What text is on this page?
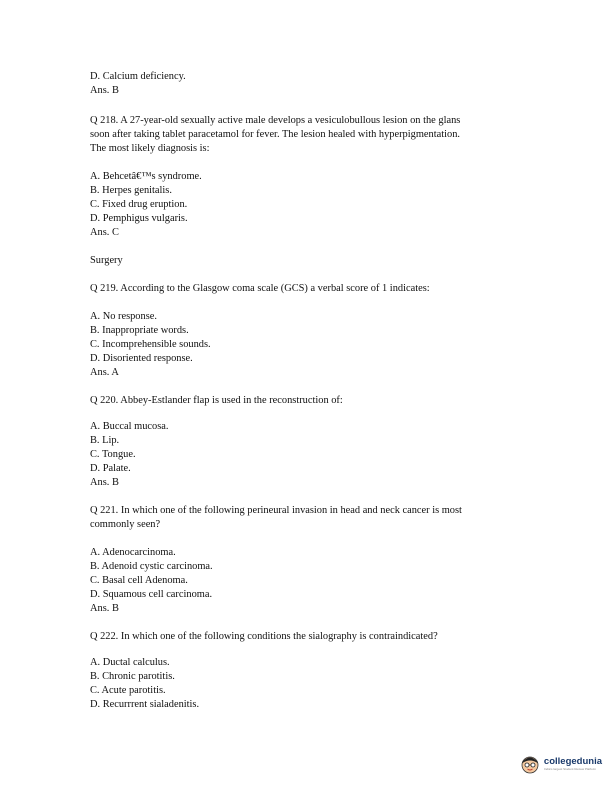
D. Calcium deficiency.
Ans. B
Q 218. A 27-year-old sexually active male develops a vesiculobullous lesion on the glans
soon after taking tablet paracetamol for fever. The lesion healed with hyperpigmentation.
The most likely diagnosis is:
A. Behcetâ€™s syndrome.
B. Herpes genitalis.
C. Fixed drug eruption.
D. Pemphigus vulgaris.
Ans. C
Surgery
Q 219. According to the Glasgow coma scale (GCS) a verbal score of 1 indicates:
A. No response.
B. Inappropriate words.
C. Incomprehensible sounds.
D. Disoriented response.
Ans. A
Q 220. Abbey-Estlander flap is used in the reconstruction of:
A. Buccal mucosa.
B. Lip.
C. Tongue.
D. Palate.
Ans. B
Q 221. In which one of the following perineural invasion in head and neck cancer is most
commonly seen?
A. Adenocarcinoma.
B. Adenoid cystic carcinoma.
C. Basal cell Adenoma.
D. Squamous cell carcinoma.
Ans. B
Q 222. In which one of the following conditions the sialography is contraindicated?
A. Ductal calculus.
B. Chronic parotitis.
C. Acute parotitis.
D. Recurrrent sialadenitis.
collegedunia
India's largest Student Review Platform
